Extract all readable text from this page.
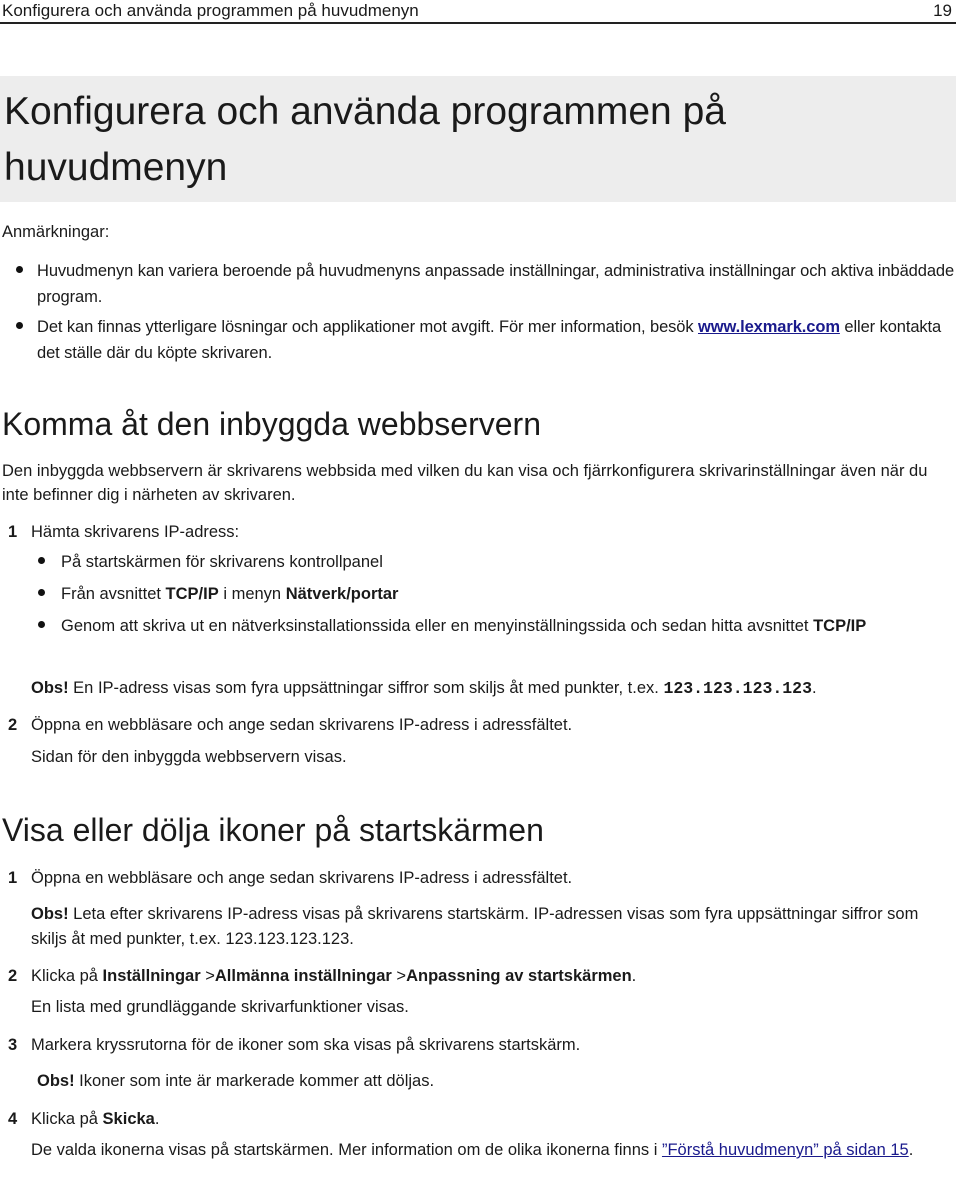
Konfigurera och använda programmen på huvudmenyn	19
Konfigurera och använda programmen på huvudmenyn
Anmärkningar:
Huvudmenyn kan variera beroende på huvudmenyns anpassade inställningar, administrativa inställningar och aktiva inbäddade program.
Det kan finnas ytterligare lösningar och applikationer mot avgift. För mer information, besök www.lexmark.com eller kontakta det ställe där du köpte skrivaren.
Komma åt den inbyggda webbservern

Den inbyggda webbservern är skrivarens webbsida med vilken du kan visa och fjärrkonfigurera skrivarinställningar även när du inte befinner dig i närheten av skrivaren.

1 Hämta skrivarens IP-adress:
På startskärmen för skrivarens kontrollpanel
Från avsnittet TCP/IP i menyn Nätverk/portar
Genom att skriva ut en nätverksinstallationssida eller en menyinställningssida och sedan hitta avsnittet TCP/IP
Obs! En IP-adress visas som fyra uppsättningar siffror som skiljs åt med punkter, t.ex. 123.123.123.123.
2 Öppna en webbläsare och ange sedan skrivarens IP-adress i adressfältet.
Sidan för den inbyggda webbservern visas.
Visa eller dölja ikoner på startskärmen
1 Öppna en webbläsare och ange sedan skrivarens IP-adress i adressfältet.
Obs! Leta efter skrivarens IP-adress visas på skrivarens startskärm. IP-adressen visas som fyra uppsättningar siffror som skiljs åt med punkter, t.ex. 123.123.123.123.
2 Klicka på Inställningar >Allmänna inställningar >Anpassning av startskärmen.
En lista med grundläggande skrivarfunktioner visas.
3 Markera kryssrutorna för de ikoner som ska visas på skrivarens startskärm.
Obs! Ikoner som inte är markerade kommer att döljas.
4 Klicka på Skicka.
De valda ikonerna visas på startskärmen. Mer information om de olika ikonerna finns i ”Förstå huvudmenyn” på sidan 15.
